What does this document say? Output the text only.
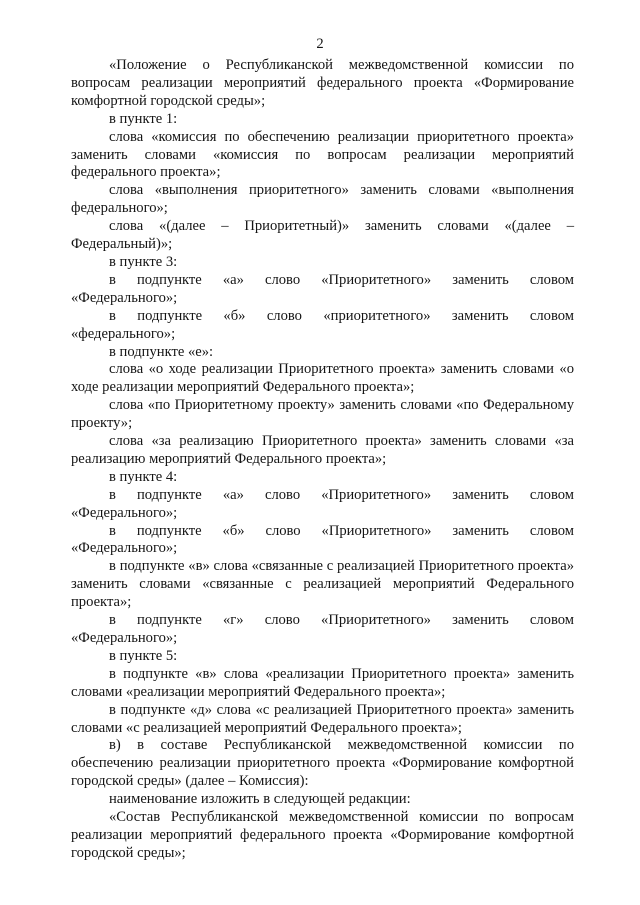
2

«Положение о Республиканской межведомственной комиссии по вопросам реализации мероприятий федерального проекта «Формирование комфортной городской среды»;

в пункте 1:

слова «комиссия по обеспечению реализации приоритетного проекта» заменить словами «комиссия по вопросам реализации мероприятий федерального проекта»;

слова «выполнения приоритетного» заменить словами «выполнения федерального»;

слова «(далее – Приоритетный)» заменить словами «(далее – Федеральный)»;

в пункте 3:

в подпункте «а» слово «Приоритетного» заменить словом «Федерального»;

в подпункте «б» слово «приоритетного» заменить словом «федерального»;

в подпункте «е»:

слова «о ходе реализации Приоритетного проекта» заменить словами «о ходе реализации мероприятий Федерального проекта»;

слова «по Приоритетному проекту» заменить словами «по Федеральному проекту»;

слова «за реализацию Приоритетного проекта» заменить словами «за реализацию мероприятий Федерального проекта»;

в пункте 4:

в подпункте «а» слово «Приоритетного» заменить словом «Федерального»;

в подпункте «б» слово «Приоритетного» заменить словом «Федерального»;

в подпункте «в» слова «связанные с реализацией Приоритетного проекта» заменить словами «связанные с реализацией мероприятий Федерального проекта»;

в подпункте «г» слово «Приоритетного» заменить словом «Федерального»;

в пункте 5:

в подпункте «в» слова «реализации Приоритетного проекта» заменить словами «реализации мероприятий Федерального проекта»;

в подпункте «д» слова «с реализацией Приоритетного проекта» заменить словами «с реализацией мероприятий Федерального проекта»;

в) в составе Республиканской межведомственной комиссии по обеспечению реализации приоритетного проекта «Формирование комфортной городской среды» (далее – Комиссия):

наименование изложить в следующей редакции:

«Состав Республиканской межведомственной комиссии по вопросам реализации мероприятий федерального проекта «Формирование комфортной городской среды»;
